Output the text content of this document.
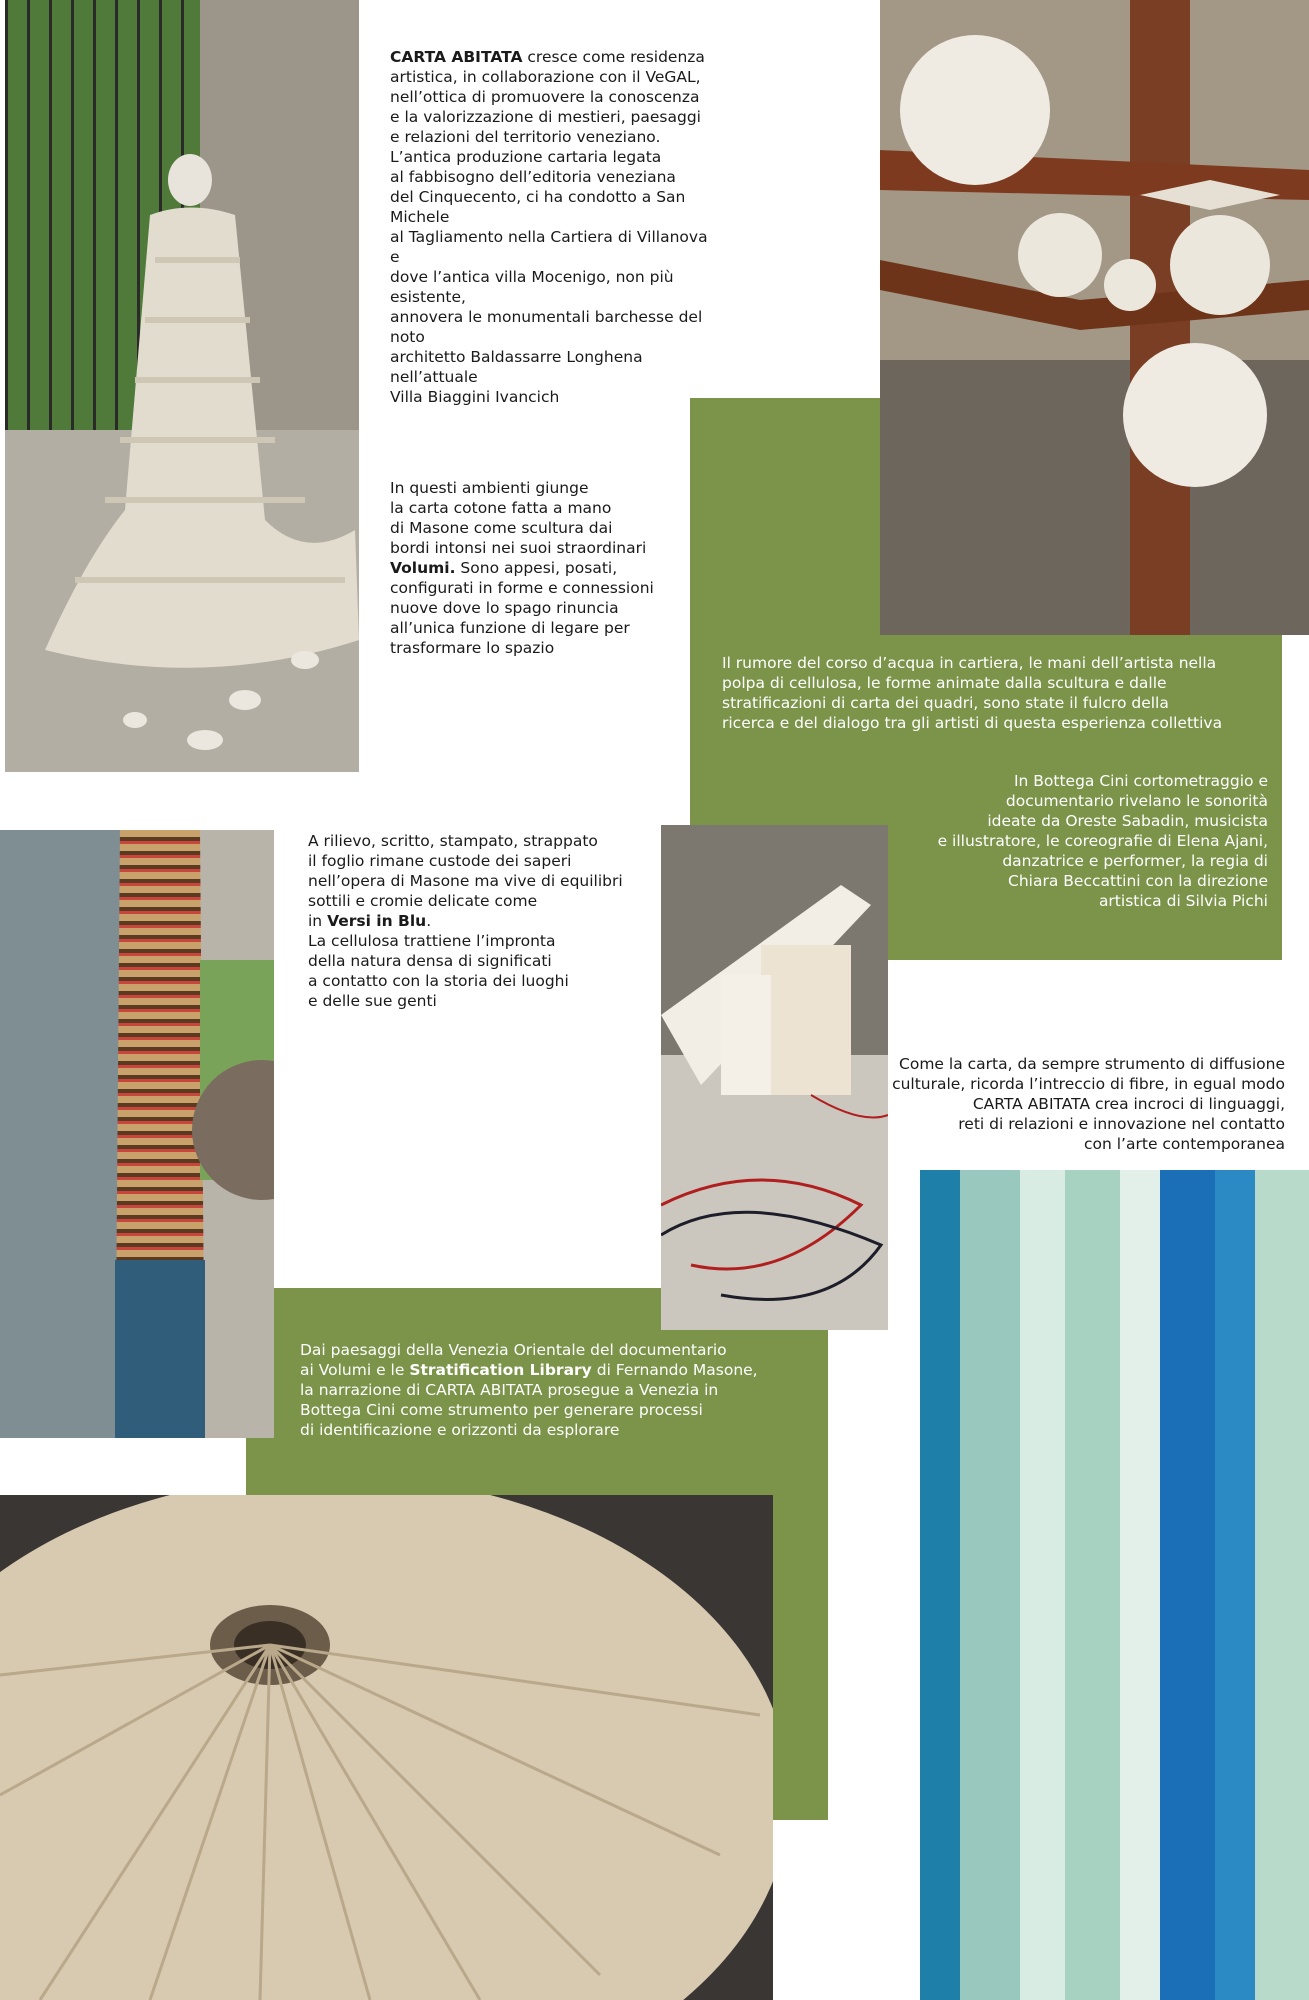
CARTA ABITATA cresce come residenza
artistica, in collaborazione con il VeGAL,
nell’ottica di promuovere la conoscenza
e la valorizzazione di mestieri, paesaggi
e relazioni del territorio veneziano.
L’antica produzione cartaria legata
al fabbisogno dell’editoria veneziana
del Cinquecento, ci ha condotto a San Michele
al Tagliamento nella Cartiera di Villanova e
dove l’antica villa Mocenigo, non più esistente,
annovera le monumentali barchesse del noto
architetto Baldassarre Longhena nell’attuale
Villa Biaggini Ivancich
In questi ambienti giunge
la carta cotone fatta a mano
di Masone come scultura dai
bordi intonsi nei suoi straordinari
Volumi. Sono appesi, posati,
configurati in forme e connessioni
nuove dove lo spago rinuncia
all’unica funzione di legare per
trasformare lo spazio
Il rumore del corso d’acqua in cartiera, le mani dell’artista nella
polpa di cellulosa, le forme animate dalla scultura e dalle
stratificazioni di carta dei quadri, sono state il fulcro della
ricerca e del dialogo tra gli artisti di questa esperienza collettiva
In Bottega Cini cortometraggio e
documentario rivelano le sonorità
ideate da Oreste Sabadin, musicista
e illustratore, le coreografie di Elena Ajani,
danzatrice e performer, la regia di
Chiara Beccattini con la direzione
artistica di Silvia Pichi
A rilievo, scritto, stampato, strappato
il foglio rimane custode dei saperi
nell’opera di Masone ma vive di equilibri
sottili e cromie delicate come
in Versi in Blu.
La cellulosa trattiene l’impronta
della natura densa di significati
a contatto con la storia dei luoghi
e delle sue genti
Come la carta, da sempre strumento di diffusione
culturale, ricorda l’intreccio di fibre, in egual modo
CARTA ABITATA crea incroci di linguaggi,
reti di relazioni e innovazione nel contatto
con l’arte contemporanea
Dai paesaggi della Venezia Orientale del documentario
ai Volumi e le Stratification Library di Fernando Masone,
la narrazione di CARTA ABITATA prosegue a Venezia in
Bottega Cini come strumento per generare processi
di identificazione e orizzonti da esplorare
